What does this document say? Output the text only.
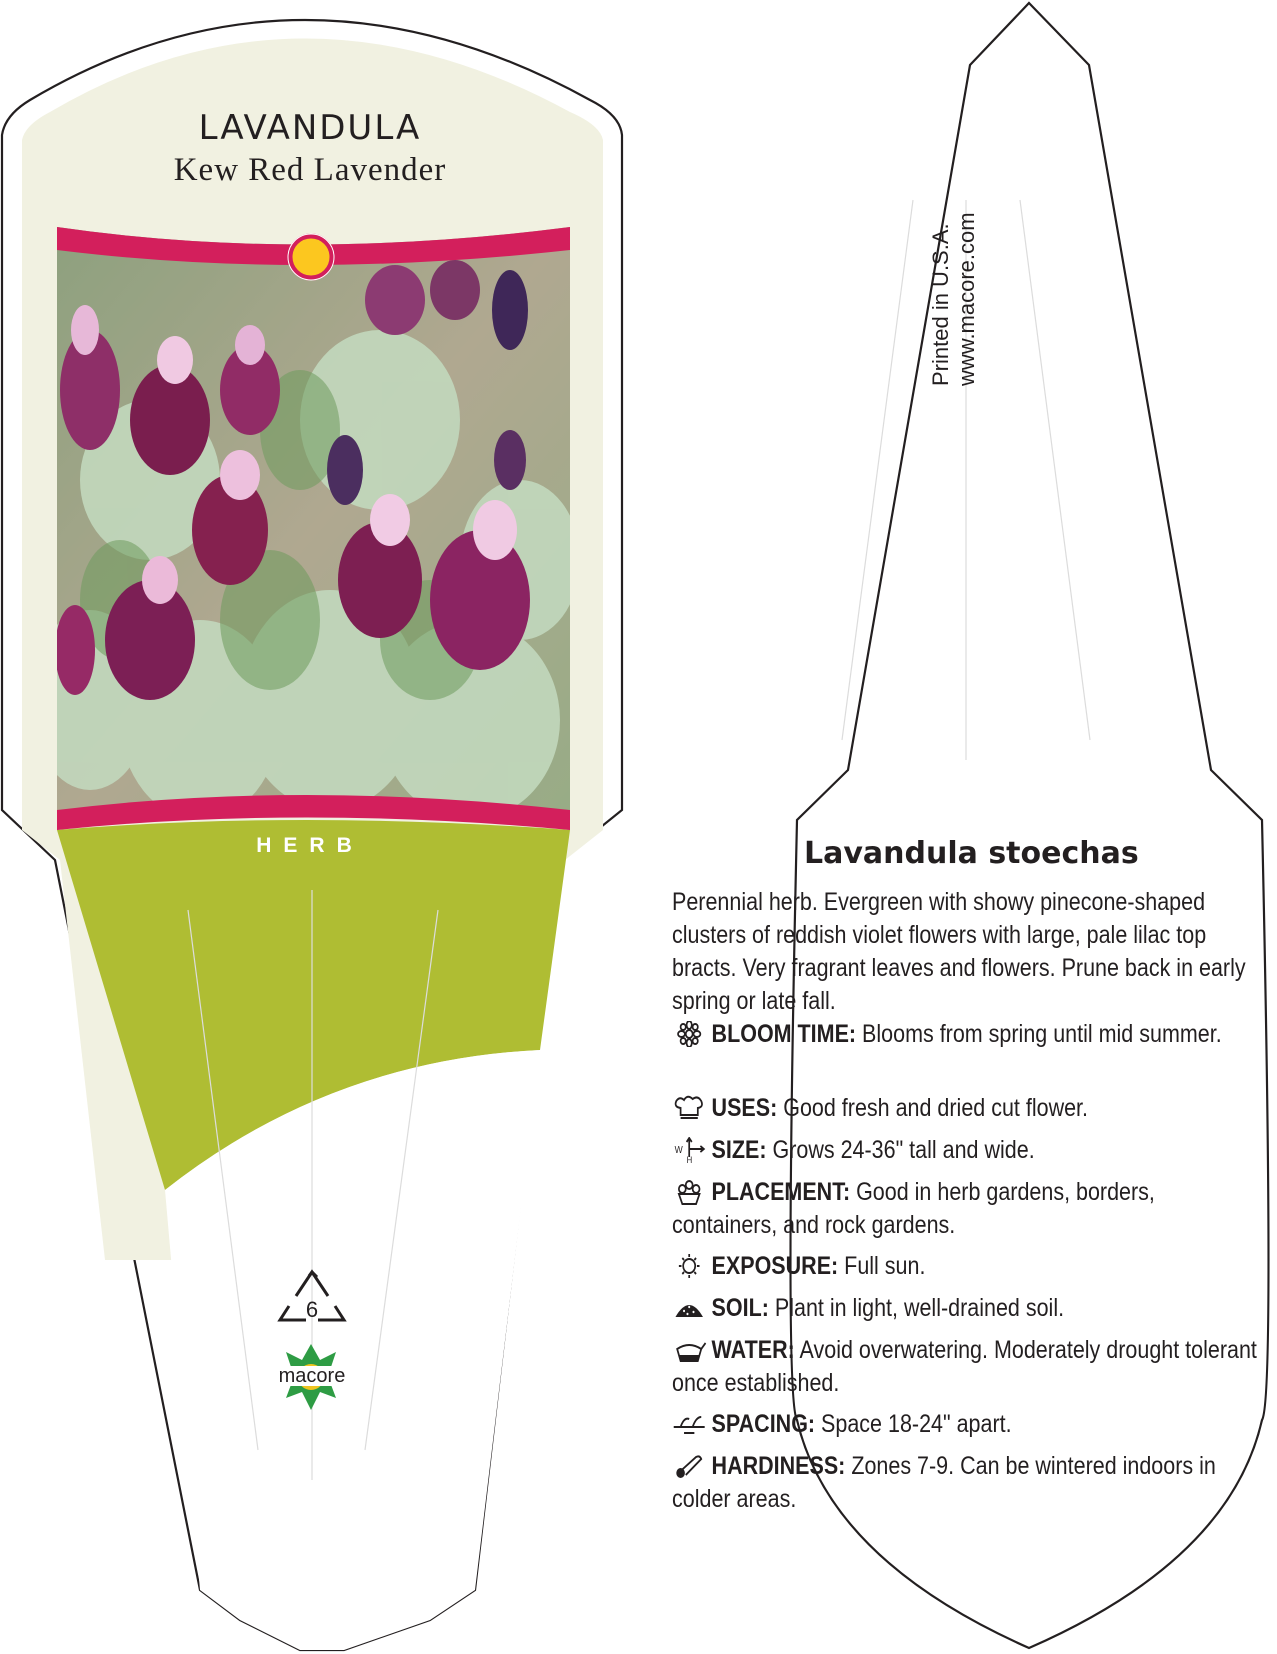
LAVANDULA
Kew Red Lavender
HERB
6
macore
Printed in U.S.A. www.macore.com
Lavandula stoechas
Perennial herb. Evergreen with showy pinecone-shaped clusters of reddish violet flowers with large, pale lilac top bracts. Very fragrant leaves and flowers. Prune back in early spring or late fall.
BLOOM TIME: Blooms from spring until mid summer.
USES: Good fresh and dried cut flower.
W
H SIZE: Grows 24-36" tall and wide.
PLACEMENT: Good in herb gardens, borders, containers, and rock gardens.
EXPOSURE: Full sun.
SOIL: Plant in light, well-drained soil.
WATER: Avoid overwatering. Moderately drought tolerant once established.
SPACING: Space 18-24" apart.
HARDINESS: Zones 7-9. Can be wintered indoors in colder areas.
